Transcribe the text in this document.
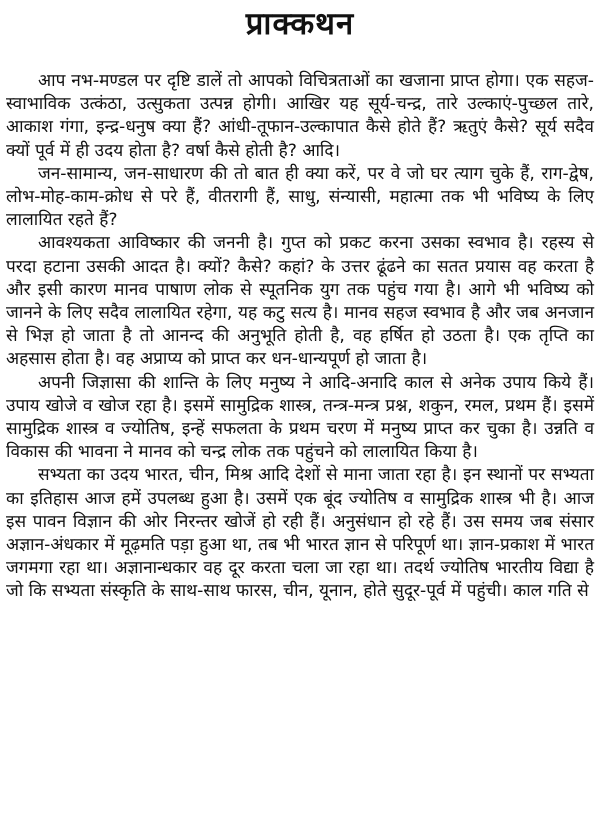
प्राक्कथन

आप नभ-मण्डल पर दृष्टि डालें तो आपको विचित्रताओं का खजाना प्राप्त होगा। एक सहज-स्वाभाविक उत्कंठा, उत्सुकता उत्पन्न होगी। आखिर यह सूर्य-चन्द्र, तारे उल्काएं-पुच्छल तारे, आकाश गंगा, इन्द्र-धनुष क्या हैं? आंधी-तूफान-उल्कापात कैसे होते हैं? ऋतुएं कैसे? सूर्य सदैव क्यों पूर्व में ही उदय होता है? वर्षा कैसे होती है? आदि।

जन-सामान्य, जन-साधारण की तो बात ही क्या करें, पर वे जो घर त्याग चुके हैं, राग-द्वेष, लोभ-मोह-काम-क्रोध से परे हैं, वीतरागी हैं, साधु, संन्यासी, महात्मा तक भी भविष्य के लिए लालायित रहते हैं?

आवश्यकता आविष्कार की जननी है। गुप्त को प्रकट करना उसका स्वभाव है। रहस्य से परदा हटाना उसकी आदत है। क्यों? कैसे? कहां? के उत्तर ढूंढने का सतत प्रयास वह करता है और इसी कारण मानव पाषाण लोक से स्पूतनिक युग तक पहुंच गया है। आगे भी भविष्य को जानने के लिए सदैव लालायित रहेगा, यह कटु सत्य है। मानव सहज स्वभाव है और जब अनजान से भिज्ञ हो जाता है तो आनन्द की अनुभूति होती है, वह हर्षित हो उठता है। एक तृप्ति का अहसास होता है। वह अप्राप्य को प्राप्त कर धन-धान्यपूर्ण हो जाता है।

अपनी जिज्ञासा की शान्ति के लिए मनुष्य ने आदि-अनादि काल से अनेक उपाय किये हैं। उपाय खोजे व खोज रहा है। इसमें सामुद्रिक शास्त्र, तन्त्र-मन्त्र प्रश्न, शकुन, रमल, प्रथम हैं। इसमें सामुद्रिक शास्त्र व ज्योतिष, इन्हें सफलता के प्रथम चरण में मनुष्य प्राप्त कर चुका है। उन्नति व विकास की भावना ने मानव को चन्द्र लोक तक पहुंचने को लालायित किया है।

सभ्यता का उदय भारत, चीन, मिश्र आदि देशों से माना जाता रहा है। इन स्थानों पर सभ्यता का इतिहास आज हमें उपलब्ध हुआ है। उसमें एक बूंद ज्योतिष व सामुद्रिक शास्त्र भी है। आज इस पावन विज्ञान की ओर निरन्तर खोजें हो रही हैं। अनुसंधान हो रहे हैं। उस समय जब संसार अज्ञान-अंधकार में मूढ़मति पड़ा हुआ था, तब भी भारत ज्ञान से परिपूर्ण था। ज्ञान-प्रकाश में भारत जगमगा रहा था। अज्ञानान्धकार वह दूर करता चला जा रहा था। तदर्थ ज्योतिष भारतीय विद्या है जो कि सभ्यता संस्कृति के साथ-साथ फारस, चीन, यूनान, होते सुदूर-पूर्व में पहुंची। काल गति से
